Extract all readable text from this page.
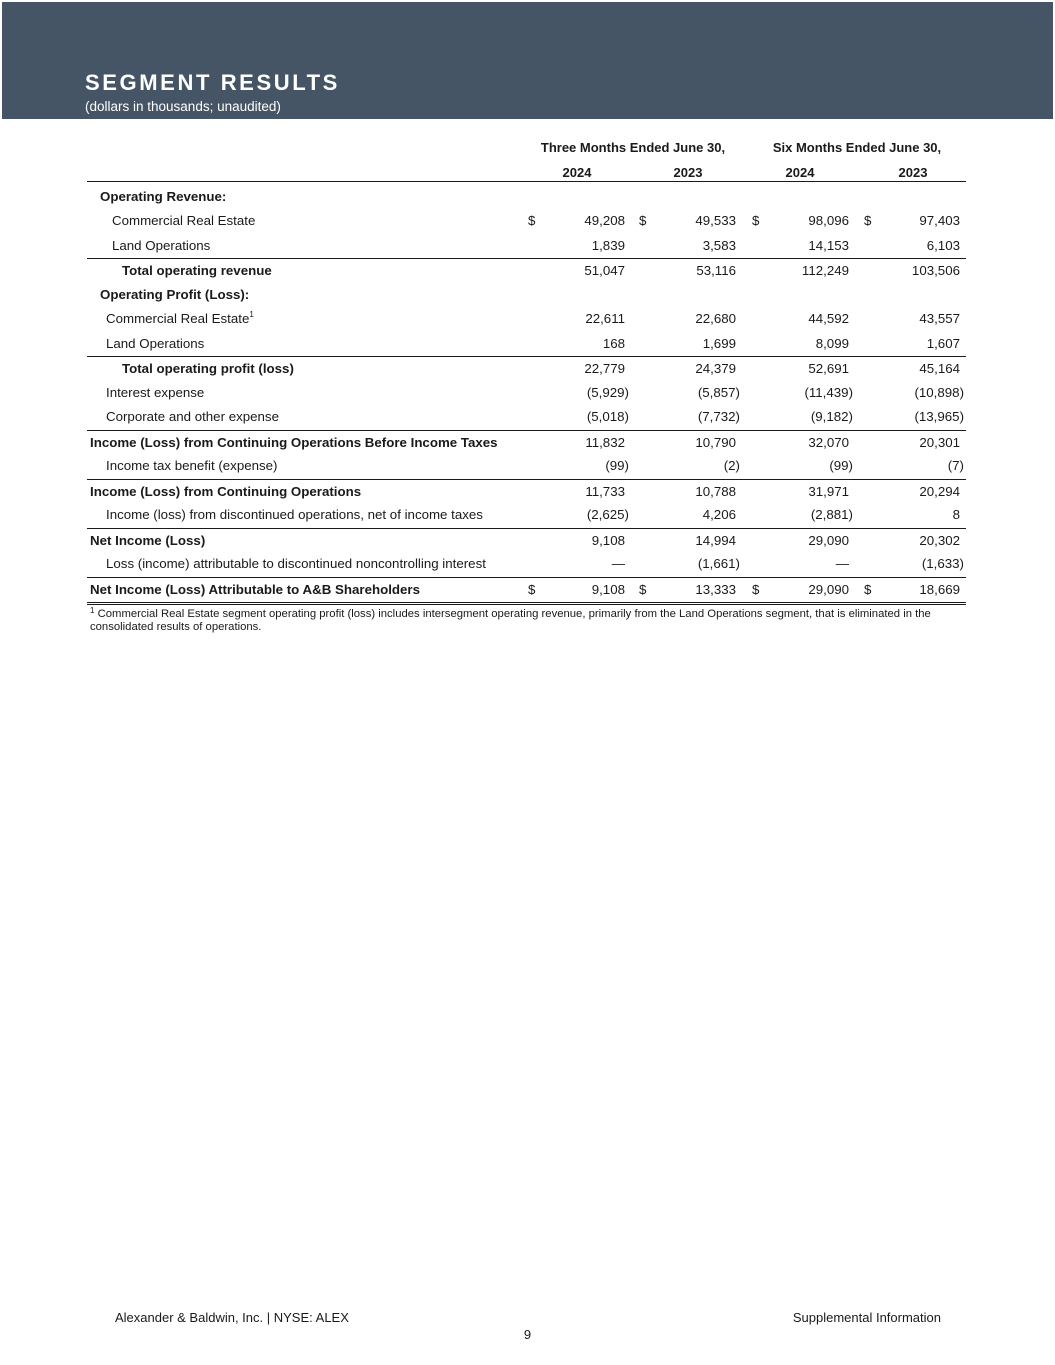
SEGMENT RESULTS
(dollars in thousands; unaudited)
Three Months Ended June 30,	Six Months Ended June 30,
2024	2023	2024	2023
Operating Revenue:
Commercial Real Estate	$	49,208 $	49,533 $	98,096 $	97,403
Land Operations	1,839	3,583	14,153	6,103
Total operating revenue	51,047	53,116	112,249	103,506
Operating Profit (Loss):
Commercial Real Estate$^1$	22,611	22,680	44,592	43,557
Land Operations	168	1,699	8,099	1,607
Total operating profit (loss)	22,779	24,379	52,691	45,164
Interest expense	(5,929)	(5,857)	(11,439)	(10,898)
Corporate and other expense	(5,018)	(7,732)	(9,182)	(13,965)
Income (Loss) from Continuing Operations Before Income Taxes	11,832	10,790	32,070	20,301
Income tax benefit (expense)	(99)	(2)	(99)	(7)
Income (Loss) from Continuing Operations	11,733	10,788	31,971	20,294
Income (loss) from discontinued operations, net of income taxes	(2,625)	4,206	(2,881)	8
Net Income (Loss)	9,108	14,994	29,090	20,302
Loss (income) attributable to discontinued noncontrolling interest	—	(1,661)	—	(1,633)
Net Income (Loss) Attributable to A&B Shareholders	$	9,108 $	13,333 $	29,090 $	18,669
$^1$ Commercial Real Estate segment operating profit (loss) includes intersegment operating revenue, primarily from the Land Operations segment, that is eliminated in the consolidated results of operations.
Alexander & Baldwin, Inc. | NYSE: ALEX	Supplemental Information
9
